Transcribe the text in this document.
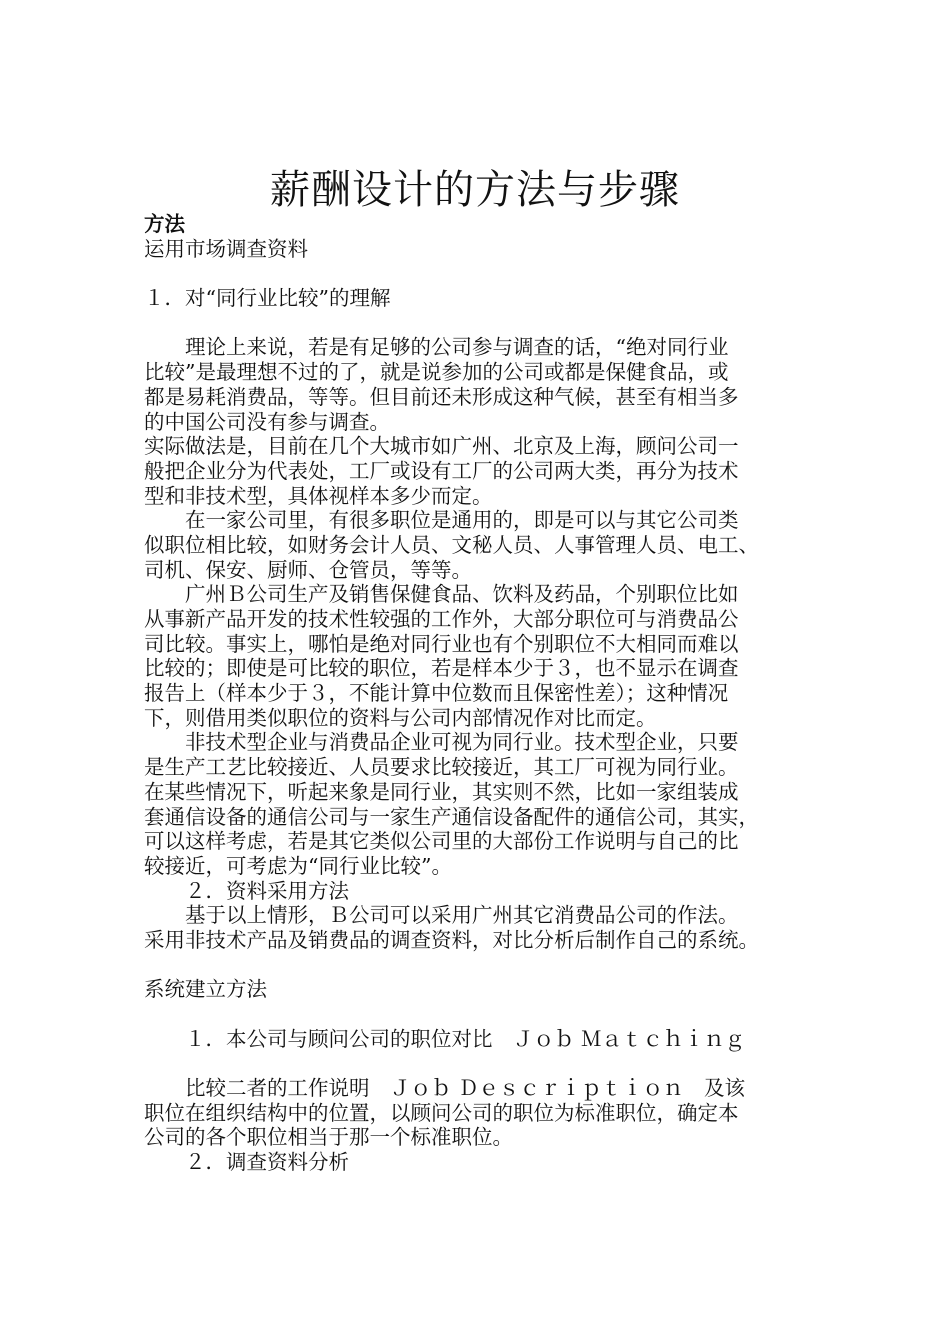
薪酬设计的方法与步骤
方法
运用市场调查资料
１．对“同行业比较”的理解
　　理论上来说，若是有足够的公司参与调查的话，“绝对同行业
比较”是最理想不过的了，就是说参加的公司或都是保健食品，或
都是易耗消费品，等等。但目前还未形成这种气候，甚至有相当多
的中国公司没有参与调查。
实际做法是，目前在几个大城市如广州、北京及上海，顾问公司一
般把企业分为代表处，工厂或设有工厂的公司两大类，再分为技术
型和非技术型，具体视样本多少而定。
　　在一家公司里，有很多职位是通用的，即是可以与其它公司类
似职位相比较，如财务会计人员、文秘人员、人事管理人员、电工、
司机、保安、厨师、仓管员，等等。
　　广州Ｂ公司生产及销售保健食品、饮料及药品，个别职位比如
从事新产品开发的技术性较强的工作外，大部分职位可与消费品公
司比较。事实上，哪怕是绝对同行业也有个别职位不大相同而难以
比较的；即使是可比较的职位，若是样本少于３，也不显示在调查
报告上（样本少于３，不能计算中位数而且保密性差）；这种情况
下，则借用类似职位的资料与公司内部情况作对比而定。
　　非技术型企业与消费品企业可视为同行业。技术型企业，只要
是生产工艺比较接近、人员要求比较接近，其工厂可视为同行业。
在某些情况下，听起来象是同行业，其实则不然，比如一家组装成
套通信设备的通信公司与一家生产通信设备配件的通信公司，其实，
可以这样考虑，若是其它类似公司里的大部份工作说明与自己的比
较接近，可考虑为“同行业比较”。
　　２．资料采用方法
　　基于以上情形，Ｂ公司可以采用广州其它消费品公司的作法。
采用非技术产品及销费品的调查资料，对比分析后制作自己的系统。
系统建立方法
　　１．本公司与顾问公司的职位对比　Ｊｏｂ Ｍａｔｃｈｉｎｇ
　　比较二者的工作说明　Ｊｏｂ Ｄｅｓｃｒｉｐｔｉｏｎ　及该
职位在组织结构中的位置，以顾问公司的职位为标准职位，确定本
公司的各个职位相当于那一个标准职位。
　　２．调查资料分析
